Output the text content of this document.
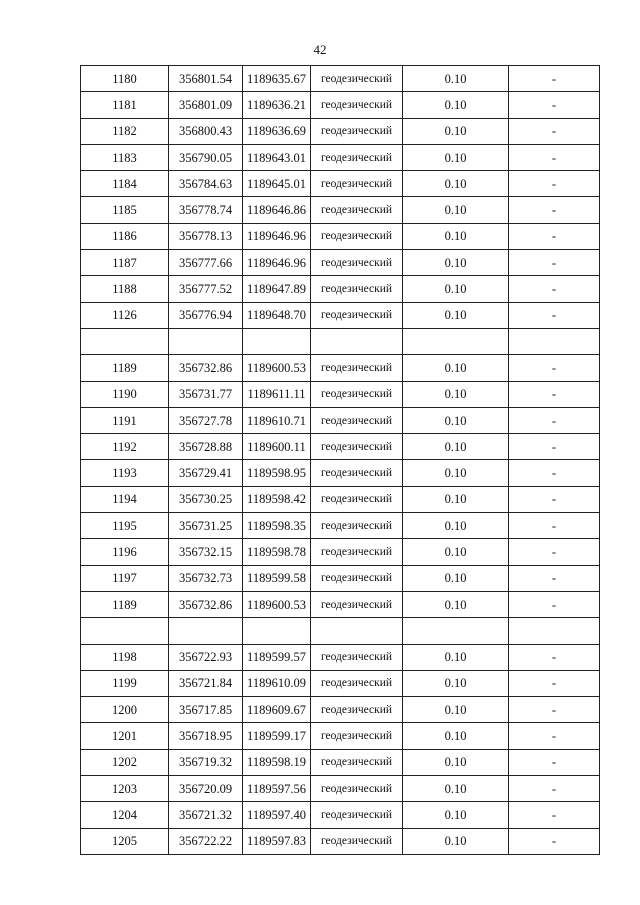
42
1180	356801.54	1189635.67	геодезический	0.10	-
1181	356801.09	1189636.21	геодезический	0.10	-
1182	356800.43	1189636.69	геодезический	0.10	-
1183	356790.05	1189643.01	геодезический	0.10	-
1184	356784.63	1189645.01	геодезический	0.10	-
1185	356778.74	1189646.86	геодезический	0.10	-
1186	356778.13	1189646.96	геодезический	0.10	-
1187	356777.66	1189646.96	геодезический	0.10	-
1188	356777.52	1189647.89	геодезический	0.10	-
1126	356776.94	1189648.70	геодезический	0.10	-

1189	356732.86	1189600.53	геодезический	0.10	-
1190	356731.77	1189611.11	геодезический	0.10	-
1191	356727.78	1189610.71	геодезический	0.10	-
1192	356728.88	1189600.11	геодезический	0.10	-
1193	356729.41	1189598.95	геодезический	0.10	-
1194	356730.25	1189598.42	геодезический	0.10	-
1195	356731.25	1189598.35	геодезический	0.10	-
1196	356732.15	1189598.78	геодезический	0.10	-
1197	356732.73	1189599.58	геодезический	0.10	-
1189	356732.86	1189600.53	геодезический	0.10	-

1198	356722.93	1189599.57	геодезический	0.10	-
1199	356721.84	1189610.09	геодезический	0.10	-
1200	356717.85	1189609.67	геодезический	0.10	-
1201	356718.95	1189599.17	геодезический	0.10	-
1202	356719.32	1189598.19	геодезический	0.10	-
1203	356720.09	1189597.56	геодезический	0.10	-
1204	356721.32	1189597.40	геодезический	0.10	-
1205	356722.22	1189597.83	геодезический	0.10	-
